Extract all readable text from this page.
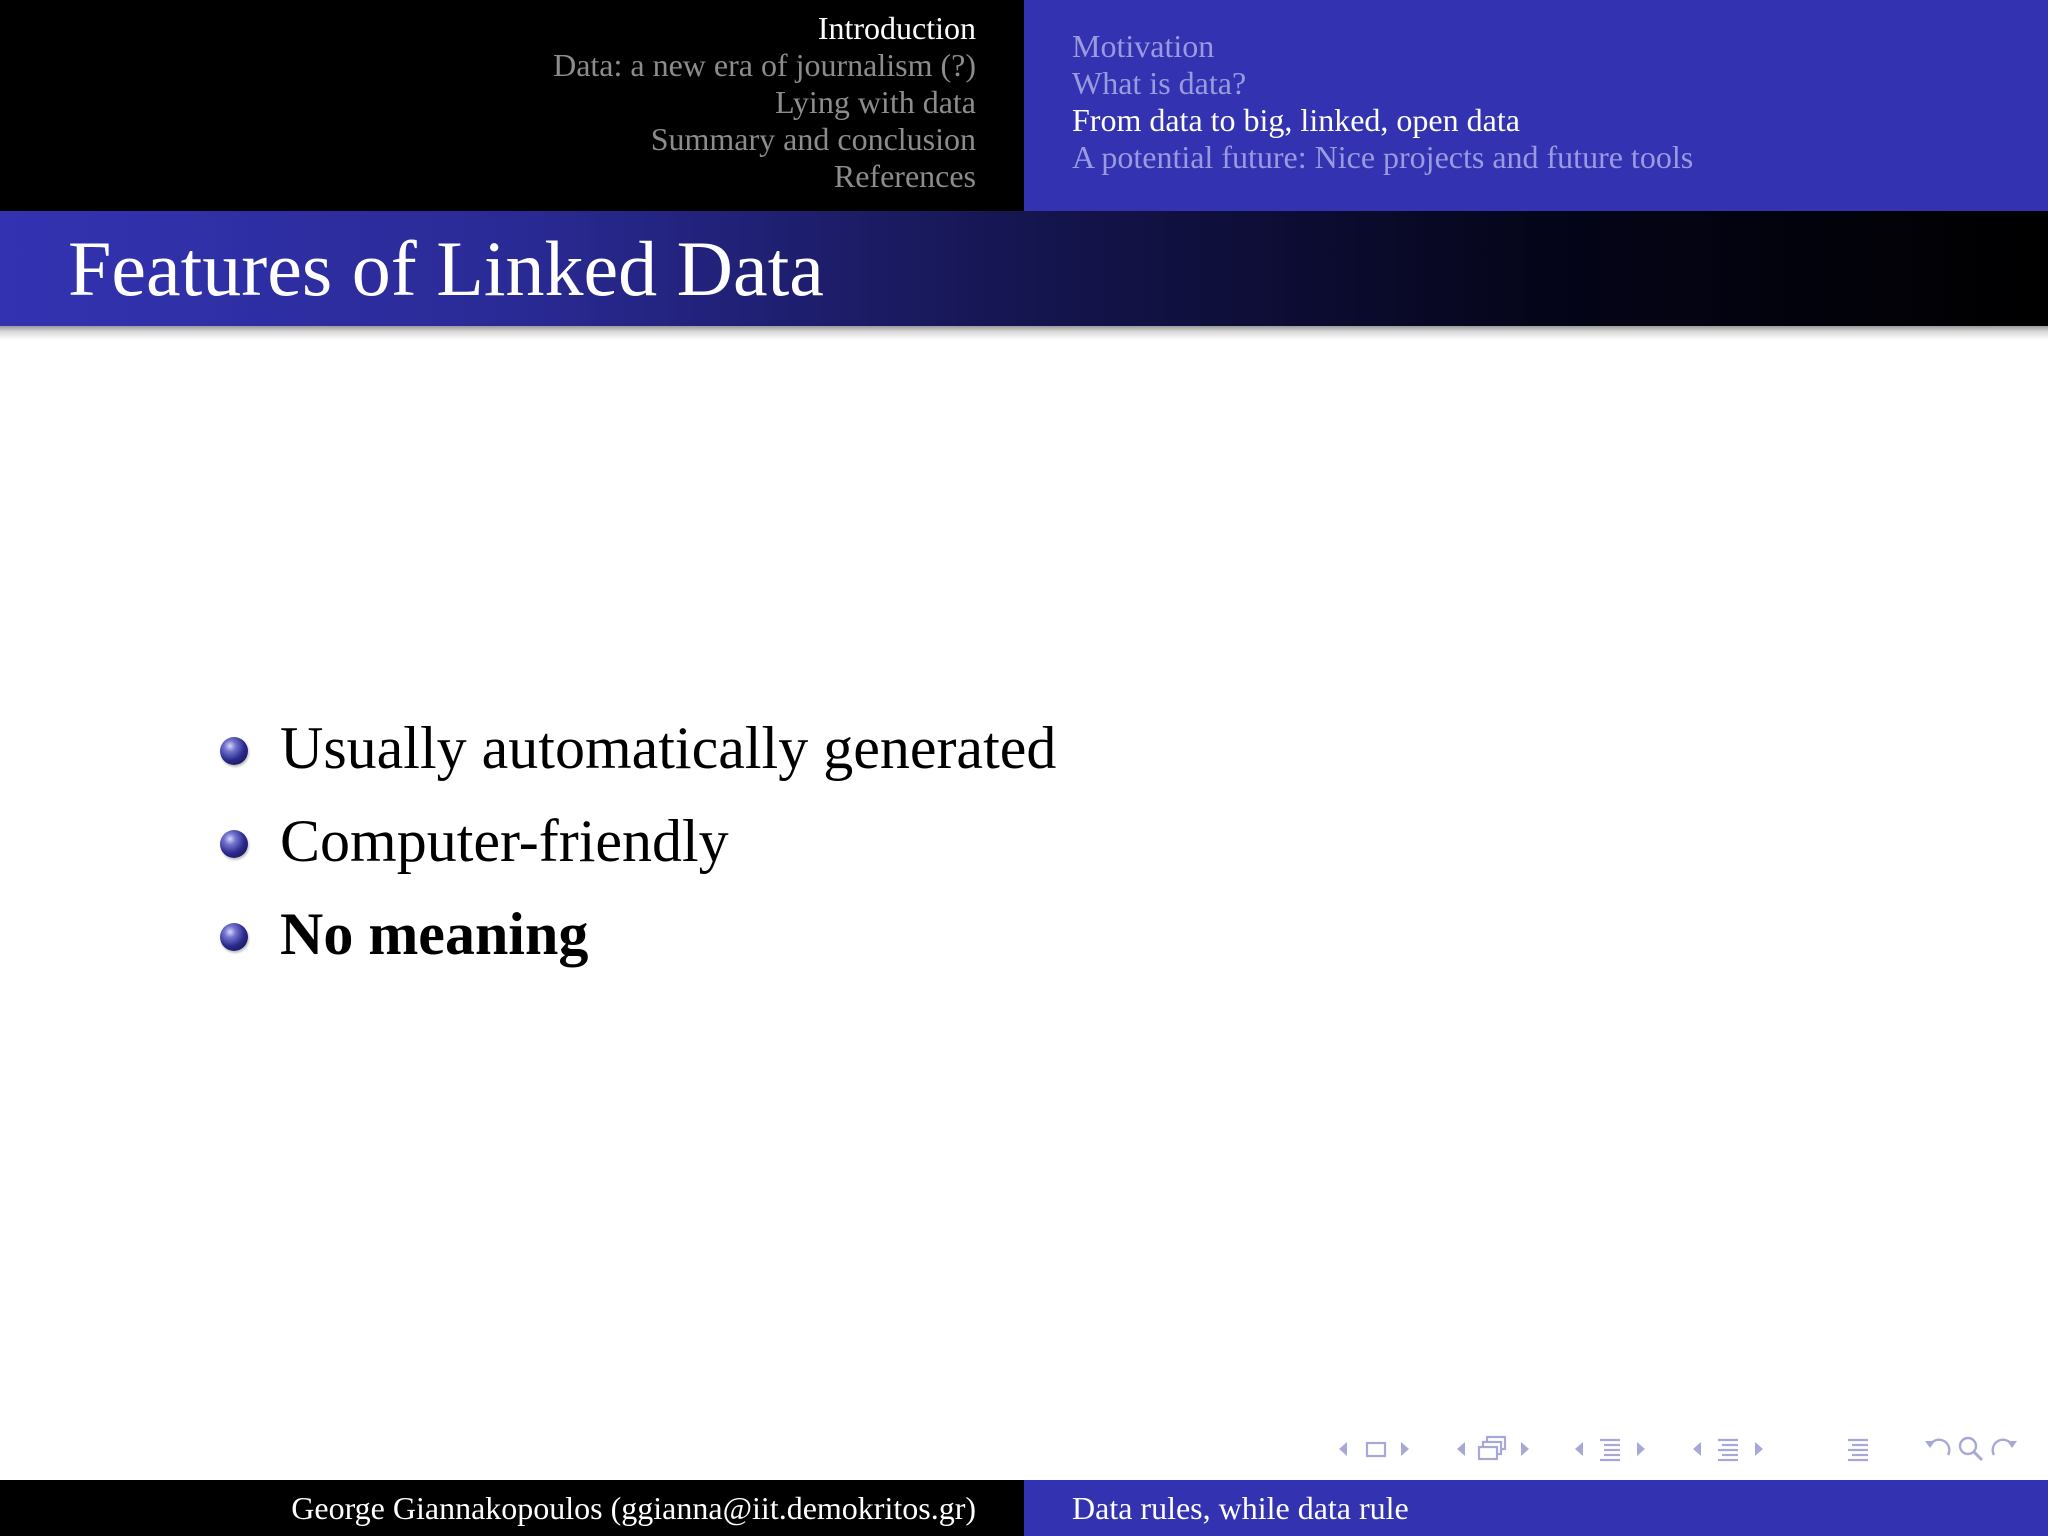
Introduction
Data: a new era of journalism (?)
Lying with data
Summary and conclusion
References
Motivation
What is data?
From data to big, linked, open data
A potential future: Nice projects and future tools
Features of Linked Data
Usually automatically generated
Computer-friendly
No meaning
George Giannakopoulos (ggianna@iit.demokritos.gr)	Data rules, while data rule
